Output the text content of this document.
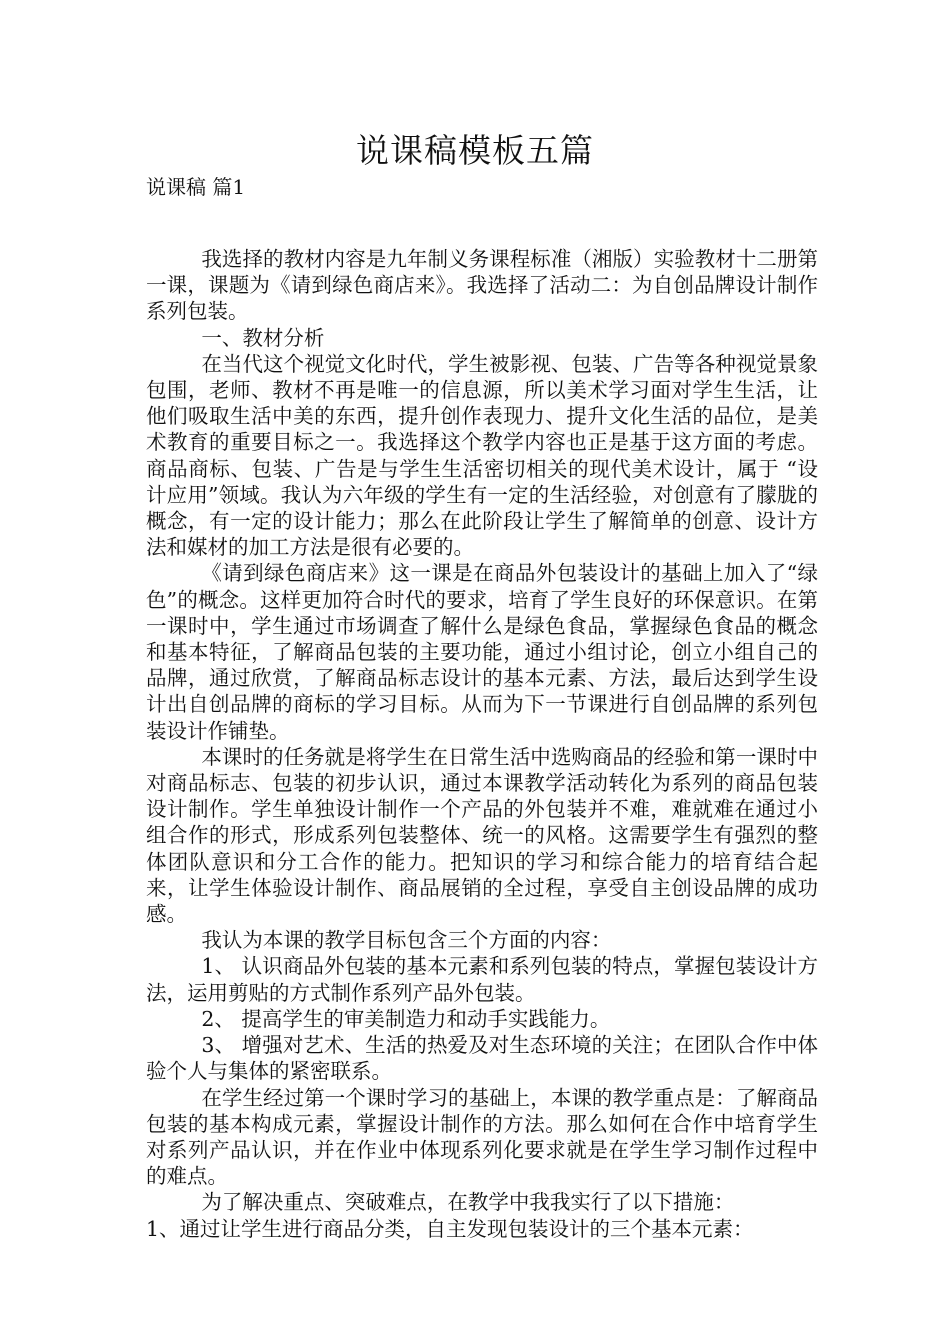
说课稿模板五篇
说课稿 篇1

我选择的教材内容是九年制义务课程标准（湘版）实验教材十二册第一课，课题为《请到绿色商店来》。我选择了活动二：为自创品牌设计制作系列包装。

一、教材分析

在当代这个视觉文化时代，学生被影视、包装、广告等各种视觉景象包围，老师、教材不再是唯一的信息源，所以美术学习面对学生生活，让他们吸取生活中美的东西，提升创作表现力、提升文化生活的品位，是美术教育的重要目标之一。我选择这个教学内容也正是基于这方面的考虑。商品商标、包装、广告是与学生生活密切相关的现代美术设计，属于 “设计应用”领域。我认为六年级的学生有一定的生活经验，对创意有了朦胧的概念，有一定的设计能力；那么在此阶段让学生了解简单的创意、设计方法和媒材的加工方法是很有必要的。

《请到绿色商店来》这一课是在商品外包装设计的基础上加入了“绿色”的概念。这样更加符合时代的要求，培育了学生良好的环保意识。在第一课时中，学生通过市场调查了解什么是绿色食品，掌握绿色食品的概念和基本特征，了解商品包装的主要功能，通过小组讨论，创立小组自己的品牌，通过欣赏，了解商品标志设计的基本元素、方法，最后达到学生设计出自创品牌的商标的学习目标。从而为下一节课进行自创品牌的系列包装设计作铺垫。

本课时的任务就是将学生在日常生活中选购商品的经验和第一课时中对商品标志、包装的初步认识，通过本课教学活动转化为系列的商品包装设计制作。学生单独设计制作一个产品的外包装并不难，难就难在通过小组合作的形式，形成系列包装整体、统一的风格。这需要学生有强烈的整体团队意识和分工合作的能力。把知识的学习和综合能力的培育结合起来，让学生体验设计制作、商品展销的全过程，享受自主创设品牌的成功感。

我认为本课的教学目标包含三个方面的内容：

1、 认识商品外包装的基本元素和系列包装的特点，掌握包装设计方法，运用剪贴的方式制作系列产品外包装。

2、 提高学生的审美制造力和动手实践能力。

3、 增强对艺术、生活的热爱及对生态环境的关注；在团队合作中体验个人与集体的紧密联系。

在学生经过第一个课时学习的基础上，本课的教学重点是：了解商品包装的基本构成元素，掌握设计制作的方法。那么如何在合作中培育学生对系列产品认识，并在作业中体现系列化要求就是在学生学习制作过程中的难点。

为了解决重点、突破难点，在教学中我我实行了以下措施：

1、通过让学生进行商品分类，自主发现包装设计的三个基本元素：
